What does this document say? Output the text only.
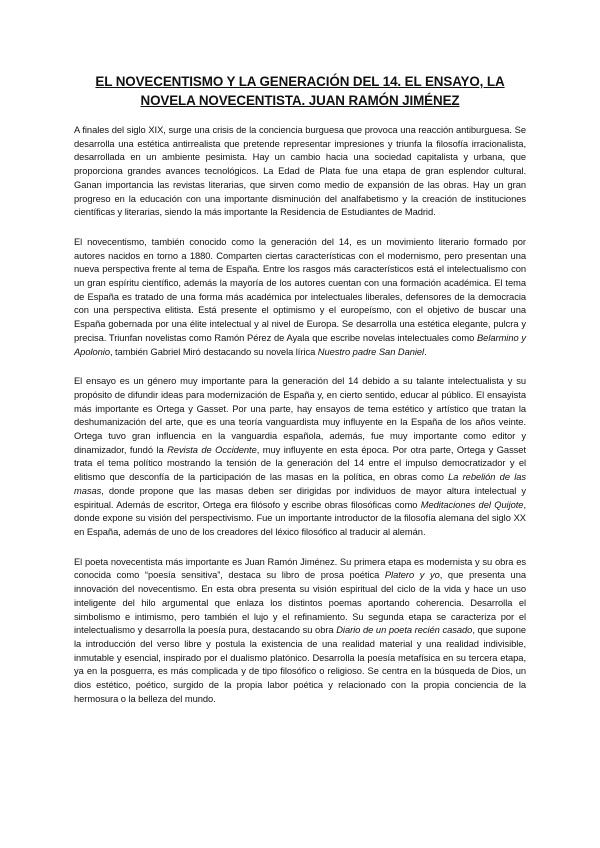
EL NOVECENTISMO Y LA GENERACIÓN DEL 14. EL ENSAYO, LA NOVELA NOVECENTISTA. JUAN RAMÓN JIMÉNEZ

A finales del siglo XIX, surge una crisis de la conciencia burguesa que provoca una reacción antiburguesa. Se desarrolla una estética antirrealista que pretende representar impresiones y triunfa la filosofía irracionalista, desarrollada en un ambiente pesimista. Hay un cambio hacia una sociedad capitalista y urbana, que proporciona grandes avances tecnológicos. La Edad de Plata fue una etapa de gran esplendor cultural. Ganan importancia las revistas literarias, que sirven como medio de expansión de las obras. Hay un gran progreso en la educación con una importante disminución del analfabetismo y la creación de instituciones científicas y literarias, siendo la más importante la Residencia de Estudiantes de Madrid.

El novecentismo, también conocido como la generación del 14, es un movimiento literario formado por autores nacidos en torno a 1880. Comparten ciertas características con el modernismo, pero presentan una nueva perspectiva frente al tema de España. Entre los rasgos más característicos está el intelectualismo con un gran espíritu científico, además la mayoría de los autores cuentan con una formación académica. El tema de España es tratado de una forma más académica por intelectuales liberales, defensores de la democracia con una perspectiva elitista. Está presente el optimismo y el europeísmo, con el objetivo de buscar una España gobernada por una élite intelectual y al nivel de Europa. Se desarrolla una estética elegante, pulcra y precisa. Triunfan novelistas como Ramón Pérez de Ayala que escribe novelas intelectuales como Belarmino y Apolonio, también Gabriel Miró destacando su novela lírica Nuestro padre San Daniel.

El ensayo es un género muy importante para la generación del 14 debido a su talante intelectualista y su propósito de difundir ideas para modernización de España y, en cierto sentido, educar al público. El ensayista más importante es Ortega y Gasset. Por una parte, hay ensayos de tema estético y artístico que tratan la deshumanización del arte, que es una teoría vanguardista muy influyente en la España de los años veinte. Ortega tuvo gran influencia en la vanguardia española, además, fue muy importante como editor y dinamizador, fundó la Revista de Occidente, muy influyente en esta época. Por otra parte, Ortega y Gasset trata el tema político mostrando la tensión de la generación del 14 entre el impulso democratizador y el elitismo que desconfía de la participación de las masas en la política, en obras como La rebelión de las masas, donde propone que las masas deben ser dirigidas por individuos de mayor altura intelectual y espiritual. Además de escritor, Ortega era filósofo y escribe obras filosóficas como Meditaciones del Quijote, donde expone su visión del perspectivismo. Fue un importante introductor de la filosofía alemana del siglo XX en España, además de uno de los creadores del léxico filosófico al traducir al alemán.

El poeta novecentista más importante es Juan Ramón Jiménez. Su primera etapa es modernista y su obra es conocida como “poesía sensitiva”, destaca su libro de prosa poética Platero y yo, que presenta una innovación del novecentismo. En esta obra presenta su visión espiritual del ciclo de la vida y hace un uso inteligente del hilo argumental que enlaza los distintos poemas aportando coherencia. Desarrolla el simbolismo e intimismo, pero también el lujo y el refinamiento. Su segunda etapa se caracteriza por el intelectualismo y desarrolla la poesía pura, destacando su obra Diario de un poeta recién casado, que supone la introducción del verso libre y postula la existencia de una realidad material y una realidad indivisible, inmutable y esencial, inspirado por el dualismo platónico. Desarrolla la poesía metafísica en su tercera etapa, ya en la posguerra, es más complicada y de tipo filosófico o religioso. Se centra en la búsqueda de Dios, un dios estético, poético, surgido de la propia labor poética y relacionado con la propia conciencia de la hermosura o la belleza del mundo.
